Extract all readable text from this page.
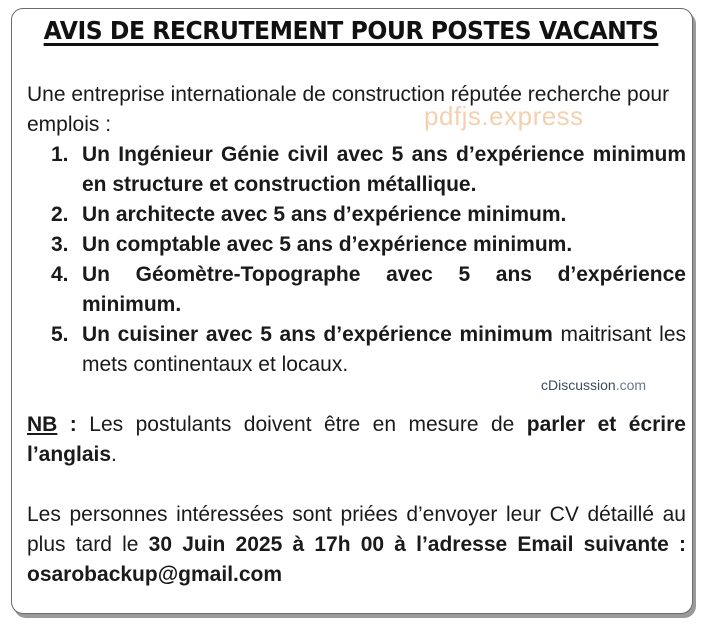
AVIS DE RECRUTEMENT POUR POSTES VACANTS
pdfjs.express
cDiscussion.com

Une entreprise internationale de construction réputée recherche pour emplois :

1. Un Ingénieur Génie civil avec 5 ans d’expérience minimum en structure et construction métallique.
2. Un architecte avec 5 ans d’expérience minimum.
3. Un comptable avec 5 ans d’expérience minimum.
4. Un Géomètre-Topographe avec 5 ans d’expérience minimum.
5. Un cuisiner avec 5 ans d’expérience minimum maitrisant les mets continentaux et locaux.

NB : Les postulants doivent être en mesure de parler et écrire l’anglais.

Les personnes intéressées sont priées d’envoyer leur CV détaillé au plus tard le 30 Juin 2025 à 17h 00 à l’adresse Email suivante : osarobackup@gmail.com
